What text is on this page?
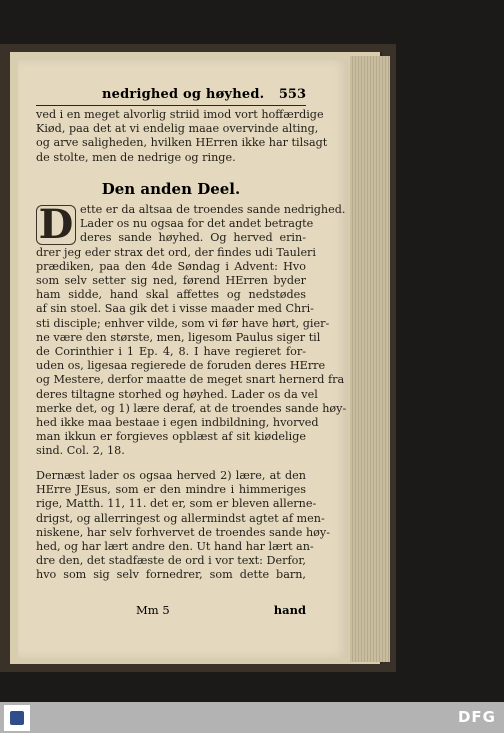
nedrighed og høyhed. 553
ved i en meget alvorlig striid imod vort hoffærdige
Kiød, paa det at vi endelig maae overvinde alting,
og arve saligheden, hvilken HErren ikke har tilsagt
de stolte, men de nedrige og ringe.
Den anden Deel.
D ette er da altsaa de troendes sande nedrighed.
Lader os nu ogsaa for det andet betragte
deres sande høyhed. Og herved erin-
drer jeg eder strax det ord, der findes udi Tauleri
prædiken, paa den 4de Søndag i Advent: Hvo
som selv setter sig ned, førend HErren byder
ham sidde, hand skal affettes og nedstødes
af sin stoel. Saa gik det i visse maader med Chri-
sti disciple; enhver vilde, som vi før have hørt, gier-
ne være den største, men, ligesom Paulus siger til
de Corinthier i 1 Ep. 4, 8. I have regieret for-
uden os, ligesaa regierede de foruden deres HErre
og Mestere, derfor maatte de meget snart hernerd fra
deres tiltagne storhed og høyhed. Lader os da vel
merke det, og 1) lære deraf, at de troendes sande høy-
hed ikke maa bestaae i egen indbildning, hvorved
man ikkun er forgieves opblæst af sit kiødelige
sind. Col. 2, 18.
Dernæst lader os ogsaa herved 2) lære, at den
HErre JEsus, som er den mindre i himmeriges
rige, Matth. 11, 11. det er, som er bleven allerne-
drigst, og allerringest og allermindst agtet af men-
niskene, har selv forhvervet de troendes sande høy-
hed, og har lært andre den. Ut hand har lært an-
dre den, det stadfæste de ord i vor text: Derfor,
hvo som sig selv fornedrer, som dette barn,
Mm 5	hand
DFG
